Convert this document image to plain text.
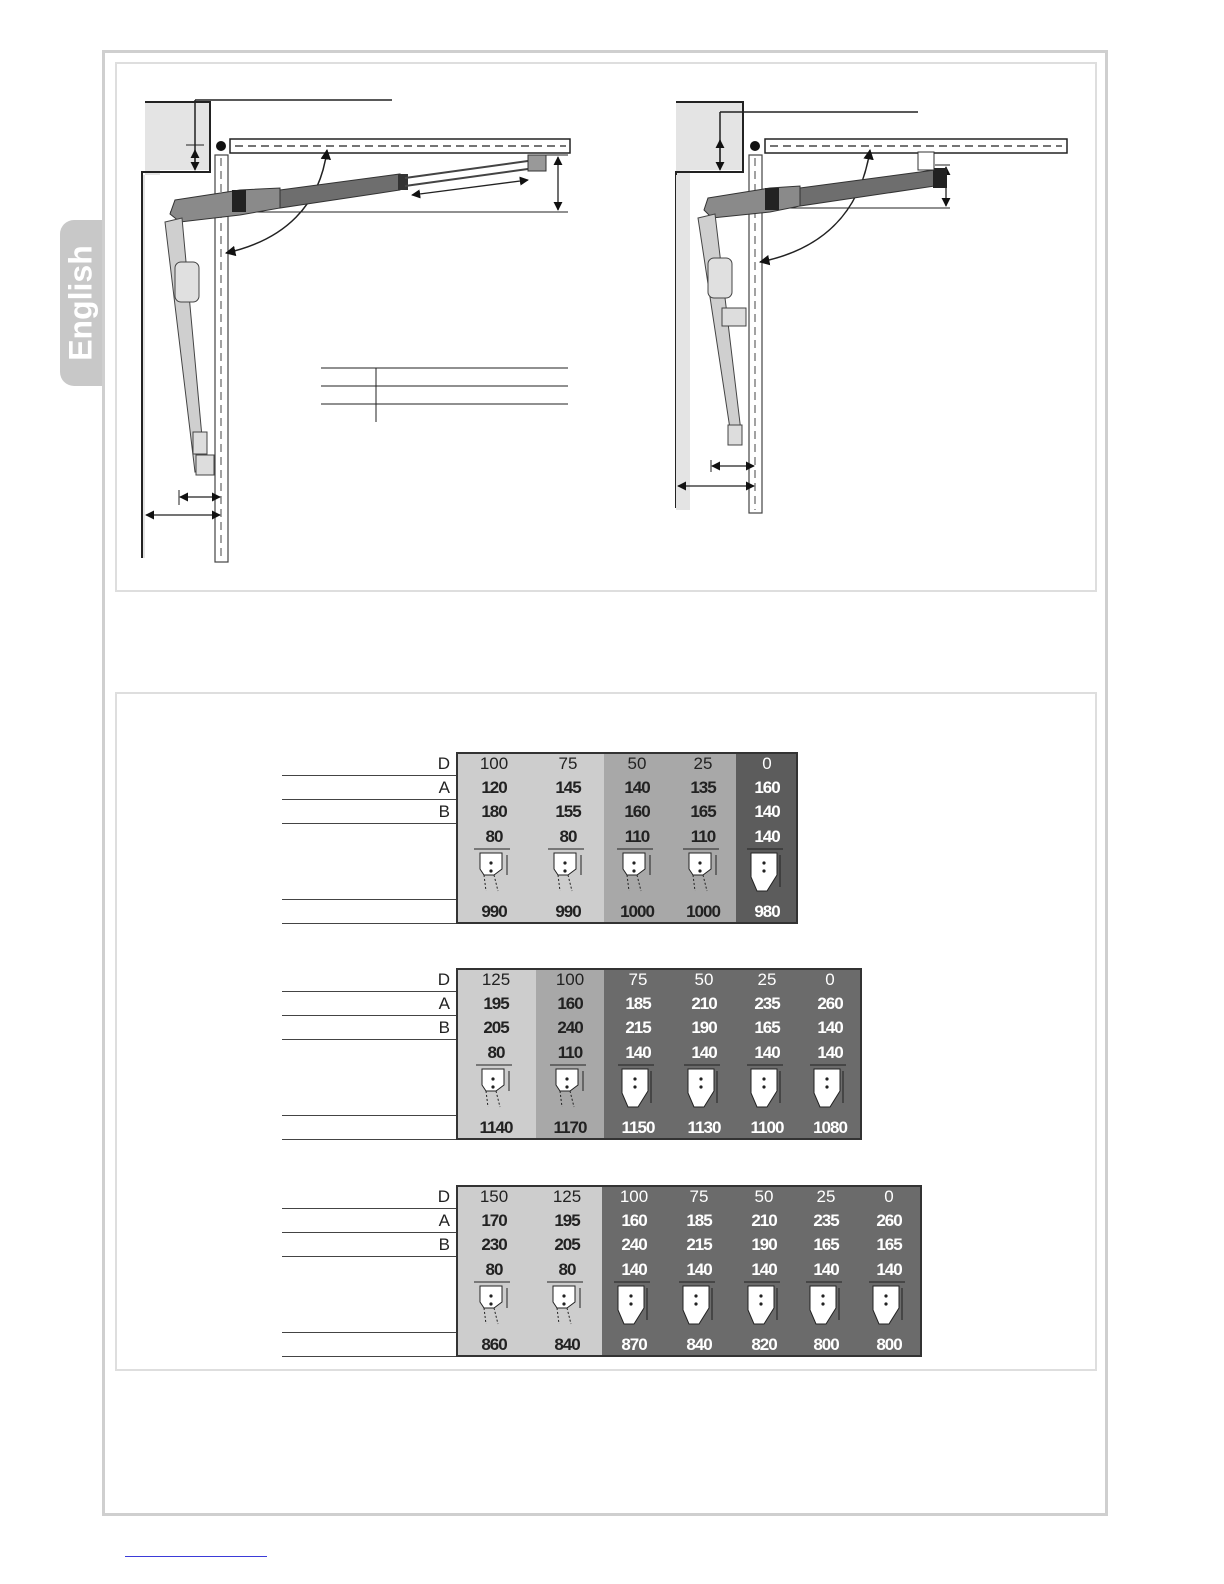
English
D	100	75	50	25	0
A	120	145	140	135	160
B	180	155	160	165	140

	80	80	110	110	140

	990	990	1000	1000	980
D	125	100	75	50	25	0
A	195	160	185	210	235	260
B	205	240	215	190	165	140

	80	110	140	140	140	140

	1140	1170	1150	1130	1100	1080
D	150	125	100	75	50	25	0
A	170	195	160	185	210	235	260
B	230	205	240	215	190	165	165

	80	80	140	140	140	140	140

	860	840	870	840	820	800	800
